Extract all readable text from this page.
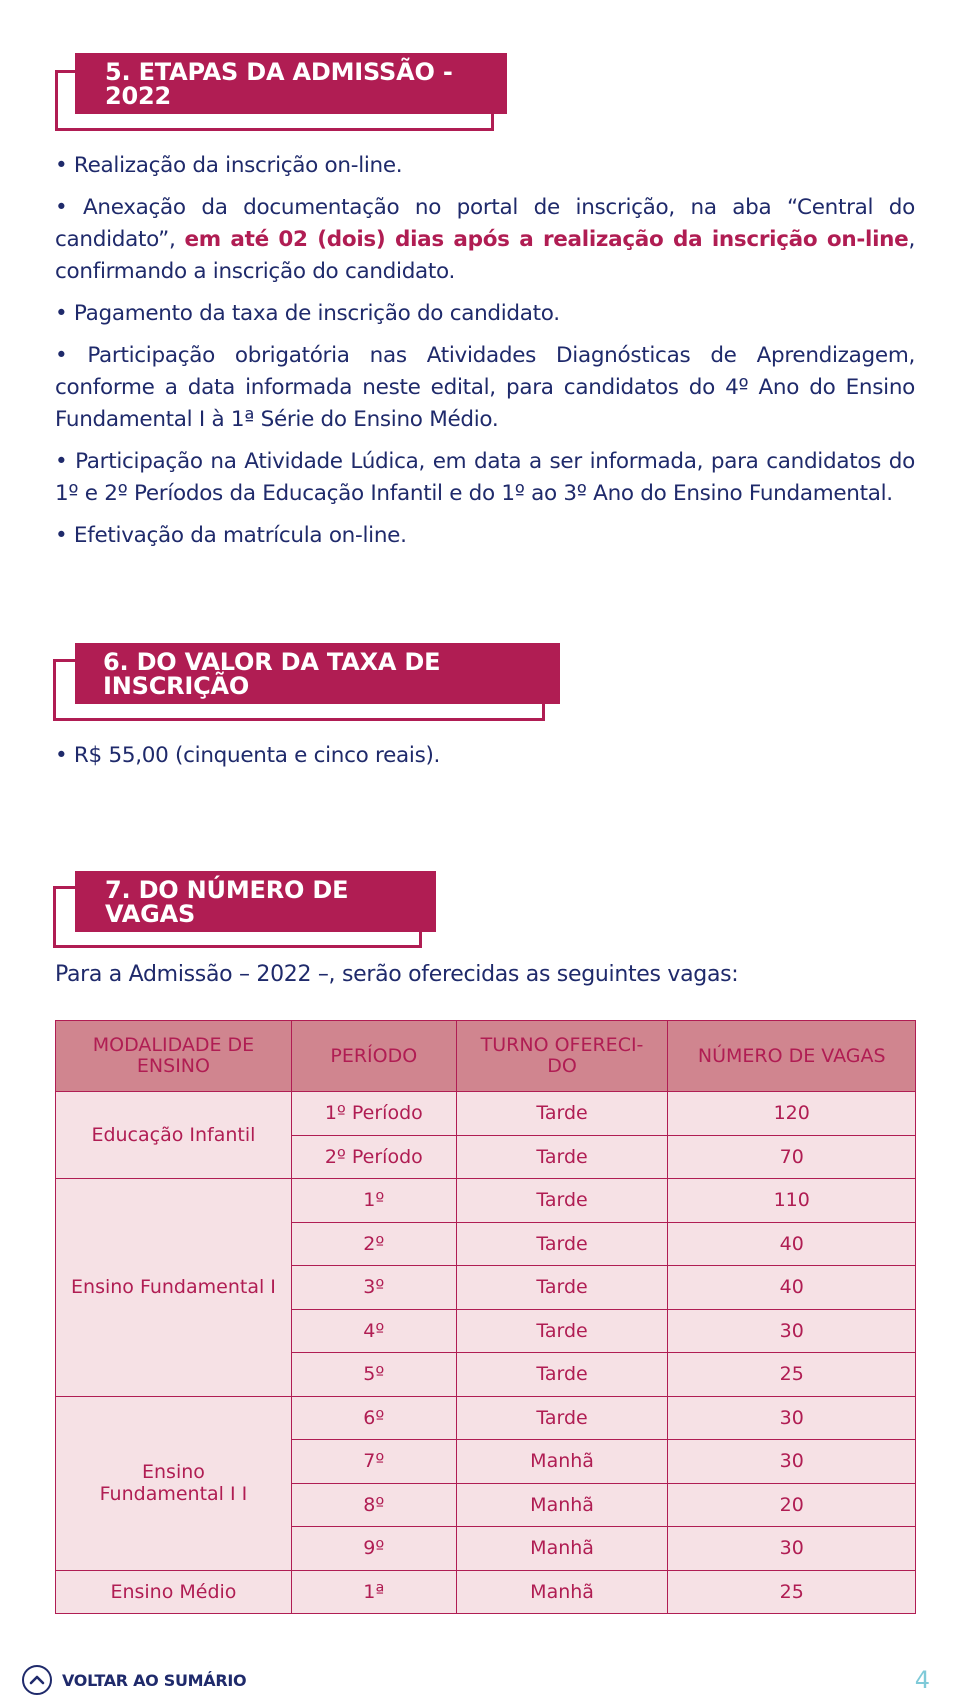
5. ETAPAS DA ADMISSÃO - 2022

• Realização da inscrição on-line.

• Anexação da documentação no portal de inscrição, na aba “Central do candidato”, em até 02 (dois) dias após a realização da inscrição on-line, confirmando a inscrição do candidato.

• Pagamento da taxa de inscrição do candidato.

• Participação obrigatória nas Atividades Diagnósticas de Aprendizagem, conforme a data informada neste edital, para candidatos do 4º Ano do Ensino Fundamental I à 1ª Série do Ensino Médio.

• Participação na Atividade Lúdica, em data a ser informada, para candidatos do 1º e 2º Períodos da Educação Infantil e do 1º ao 3º Ano do Ensino Fundamental.

• Efetivação da matrícula on-line.

6. DO VALOR DA TAXA DE INSCRIÇÃO

• R$ 55,00 (cinquenta e cinco reais).

7. DO NÚMERO DE VAGAS
Para a Admissão – 2022 –, serão oferecidas as seguintes vagas:
MODALIDADE DE ENSINO	PERÍODO	TURNO OFERECI-DO	NÚMERO DE VAGAS
Educação Infantil	1º Período	Tarde	120
	2º Período	Tarde	70
Ensino Fundamental I	1º	Tarde	110
	2º	Tarde	40
	3º	Tarde	40
	4º	Tarde	30
	5º	Tarde	25
Ensino Fundamental I I	6º	Tarde	30
	7º	Manhã	30
	8º	Manhã	20
	9º	Manhã	30
Ensino Médio	1ª	Manhã	25
VOLTAR AO SUMÁRIO	4
